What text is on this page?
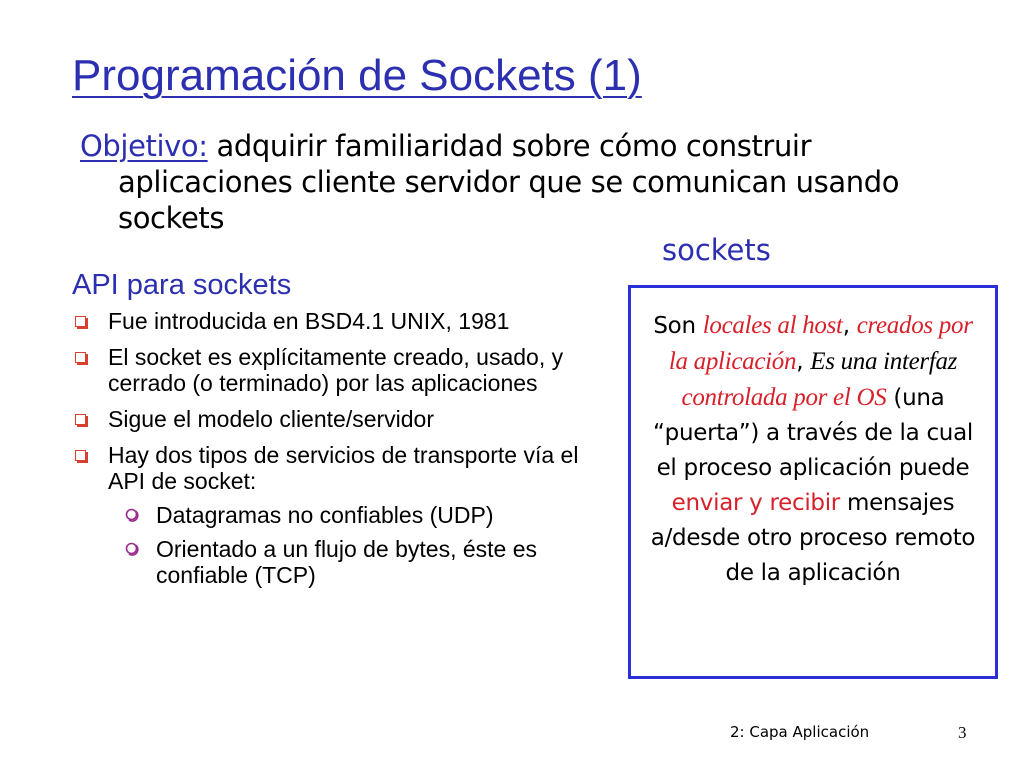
Programación de Sockets (1)
Objetivo: adquirir familiaridad sobre cómo construir
aplicaciones cliente servidor que se comunican usando
sockets
sockets
API para sockets
Fue introducida en BSD4.1 UNIX, 1981
El socket es explícitamente creado, usado, y cerrado (o terminado) por las aplicaciones
Sigue el modelo cliente/servidor
Hay dos tipos de servicios de transporte vía el API de socket:
Datagramas no confiables (UDP)
Orientado a un flujo de bytes, éste es confiable (TCP)
Son locales al host, creados por la aplicación, Es una interfaz controlada por el OS (una “puerta”) a través de la cual el proceso aplicación puede enviar y recibir mensajes a/desde otro proceso remoto de la aplicación
2: Capa Aplicación	3
